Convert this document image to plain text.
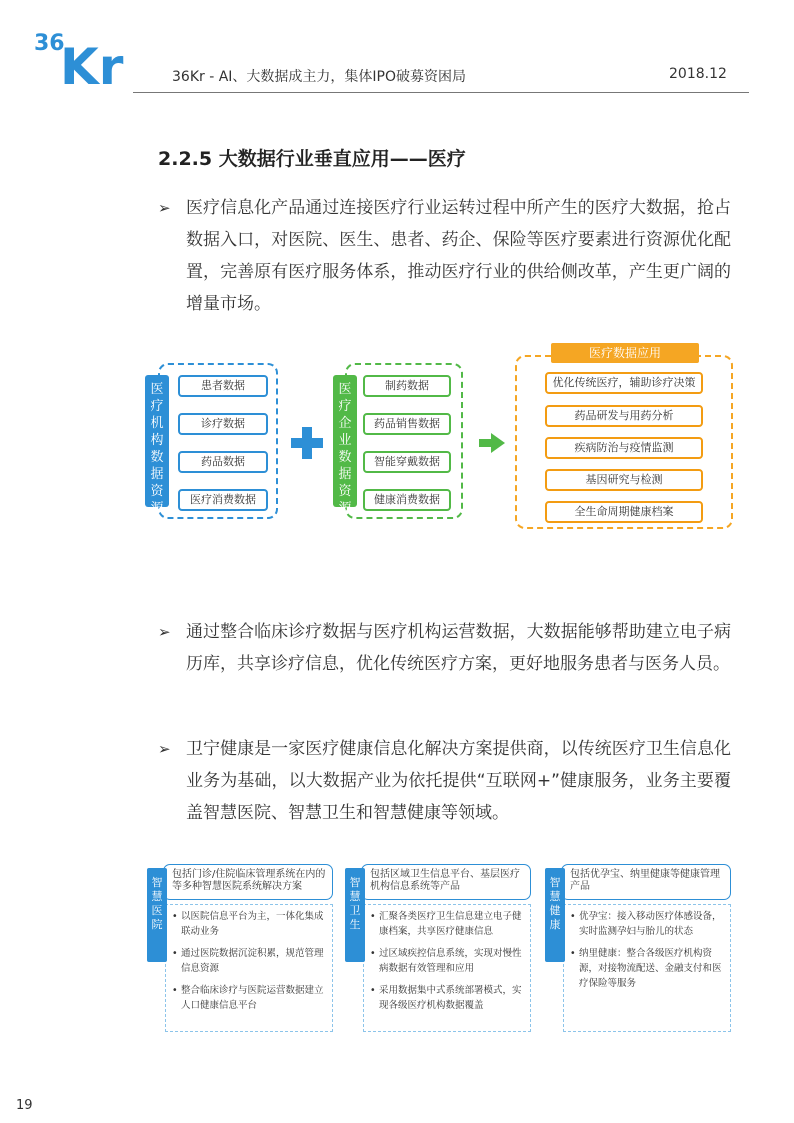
36
Kr	36Kr - AI、大数据成主力，集体IPO破募资困局	2018.12
2.2.5 大数据行业垂直应用——医疗
➢ 医疗信息化产品通过连接医疗行业运转过程中所产生的医疗大数据，抢占数据入口，对医院、医生、患者、药企、保险等医疗要素进行资源优化配置，完善原有医疗服务体系，推动医疗行业的供给侧改革，产生更广阔的增量市场。
医
疗
机
构
数
据
资
源
患者数据
诊疗数据
药品数据
医疗消费数据
医
疗
企
业
数
据
资
源
制药数据
药品销售数据
智能穿戴数据
健康消费数据
医疗数据应用
优化传统医疗，辅助诊疗决策
药品研发与用药分析
疾病防治与疫情监测
基因研究与检测
全生命周期健康档案
➢ 通过整合临床诊疗数据与医疗机构运营数据，大数据能够帮助建立电子病历库，共享诊疗信息，优化传统医疗方案，更好地服务患者与医务人员。
➢ 卫宁健康是一家医疗健康信息化解决方案提供商，以传统医疗卫生信息化业务为基础，以大数据产业为依托提供“互联网+”健康服务，业务主要覆盖智慧医院、智慧卫生和智慧健康等领域。
• 以医院信息平台为主，一体化集成联动业务
• 通过医院数据沉淀积累，规范管理信息资源
• 整合临床诊疗与医院运营数据建立人口健康信息平台
包括门诊/住院临床管理系统在内的等多种智慧医院系统解决方案
智
慧
医
院
• 汇聚各类医疗卫生信息建立电子健康档案，共享医疗健康信息
• 过区域疾控信息系统，实现对慢性病数据有效管理和应用
• 采用数据集中式系统部署模式，实现各级医疗机构数据覆盖
包括区域卫生信息平台、基层医疗机构信息系统等产品
智
慧
卫
生
• 优孕宝：接入移动医疗体感设备，实时监测孕妇与胎儿的状态
• 纳里健康：整合各级医疗机构资源，对接物流配送、金融支付和医疗保险等服务
包括优孕宝、纳里健康等健康管理产品
智
慧
健
康
19
